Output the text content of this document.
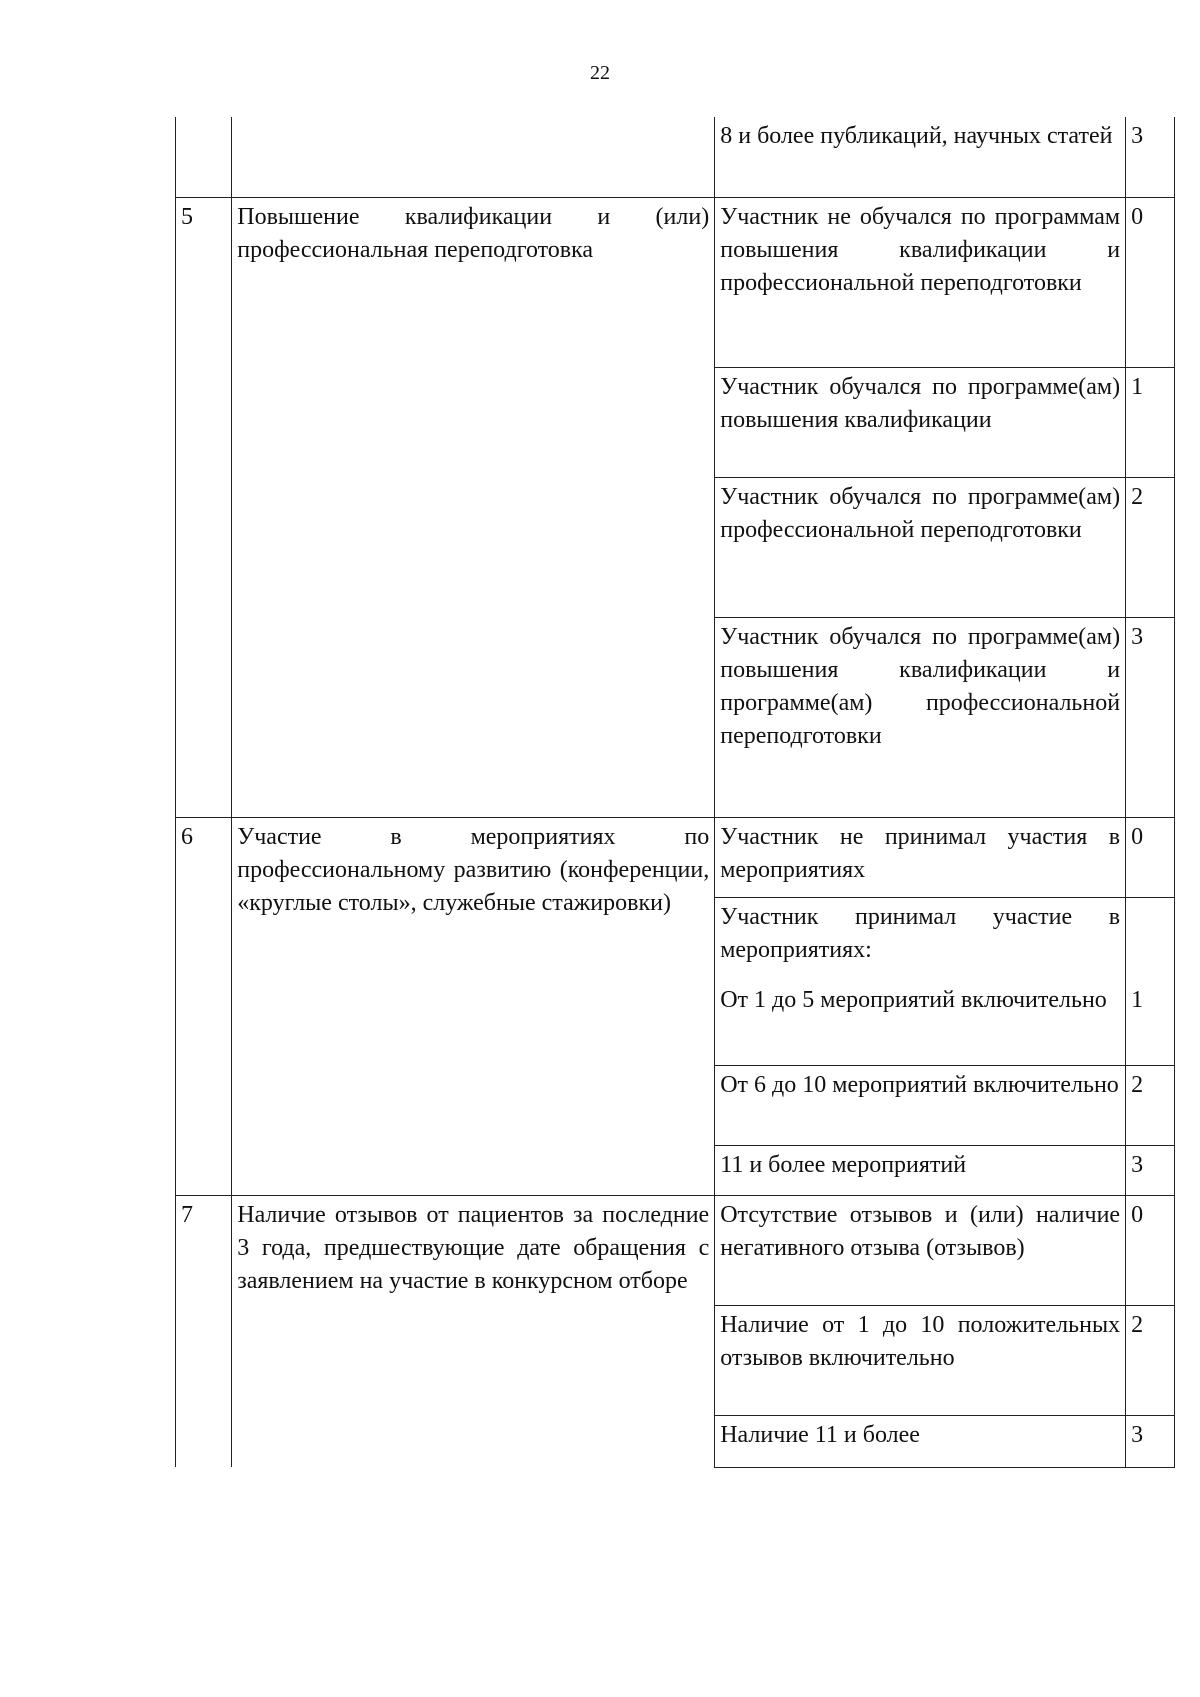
22
		8 и более публикаций, научных статей	3
5	Повышение квалификации и (или) профессиональная переподготовка	Участник не обучался по программам повышения квалификации и профессиональной переподготовки	0
		Участник обучался по программе(ам) повышения квалификации	1
		Участник обучался по программе(ам) профессиональной переподготовки	2
		Участник обучался по программе(ам) повышения квалификации и программе(ам) профессиональной переподготовки	3
6	Участие в мероприятиях по профессиональному развитию (конференции, «круглые столы», служебные стажировки)	Участник не принимал участия в мероприятиях	0
		Участник принимал участие в мероприятиях:	
		От 1 до 5 мероприятий включительно	1
		От 6 до 10 мероприятий включительно	2
		11 и более мероприятий	3
7	Наличие отзывов от пациентов за последние 3 года, предшествующие дате обращения с заявлением на участие в конкурсном отборе	Отсутствие отзывов и (или) наличие негативного отзыва (отзывов)	0
		Наличие от 1 до 10 положительных отзывов включительно	2
		Наличие 11 и более	3
